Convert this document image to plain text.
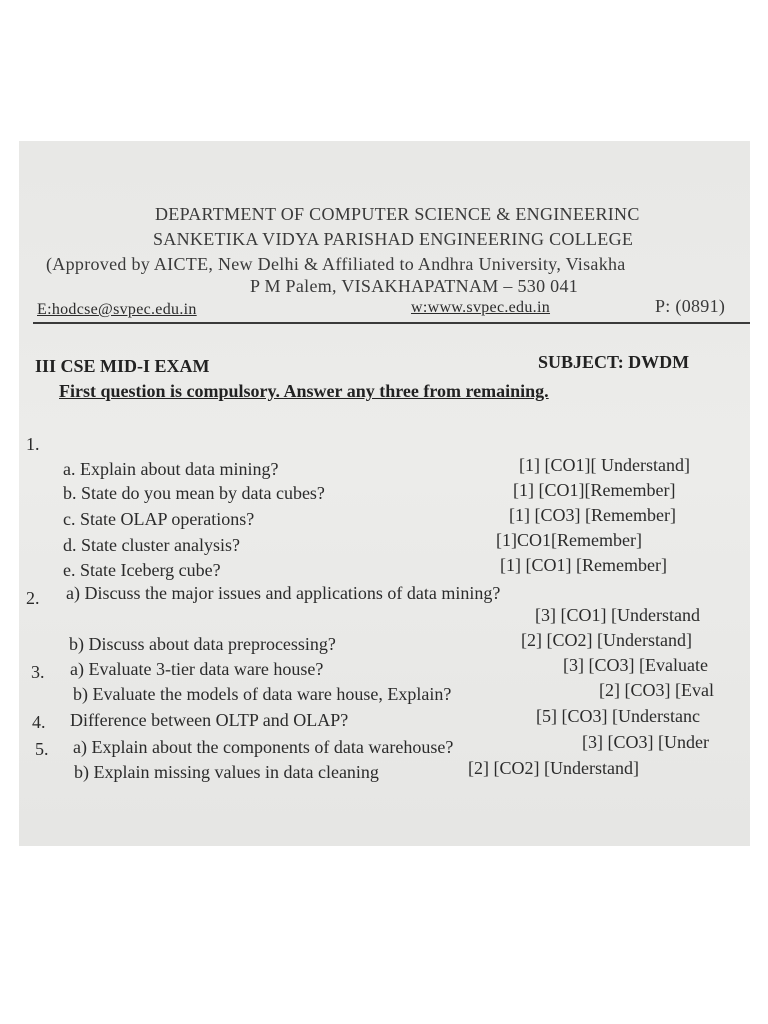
DEPARTMENT OF COMPUTER SCIENCE & ENGINEERINC
SANKETIKA VIDYA PARISHAD ENGINEERING COLLEGE
(Approved by AICTE, New Delhi & Affiliated to Andhra University, Visakha
P M Palem, VISAKHAPATNAM – 530 041
E:hodcse@svpec.edu.in	w:www.svpec.edu.in	P: (0891)
III CSE MID-I EXAM	SUBJECT: DWDM
First question is compulsory. Answer any three from remaining.
1.
a. Explain about data mining?	[1] [CO1][ Understand]
b. State do you mean by data cubes?	[1] [CO1][Remember]
c. State OLAP operations?	[1] [CO3] [Remember]
d. State cluster analysis?	[1]CO1[Remember]
e. State Iceberg cube?	[1] [CO1] [Remember]
2. a) Discuss the major issues and applications of data mining?
[3] [CO1] [Understand
b) Discuss about data preprocessing?	[2] [CO2] [Understand]
3. a) Evaluate 3-tier data ware house?	[3] [CO3] [Evaluate
b) Evaluate the models of data ware house, Explain?	[2] [CO3] [Eval
4. Difference between OLTP and OLAP?	[5] [CO3] [Understanc
5. a) Explain about the components of data warehouse?	[3] [CO3] [Under
b) Explain missing values in data cleaning	[2] [CO2] [Understand]
